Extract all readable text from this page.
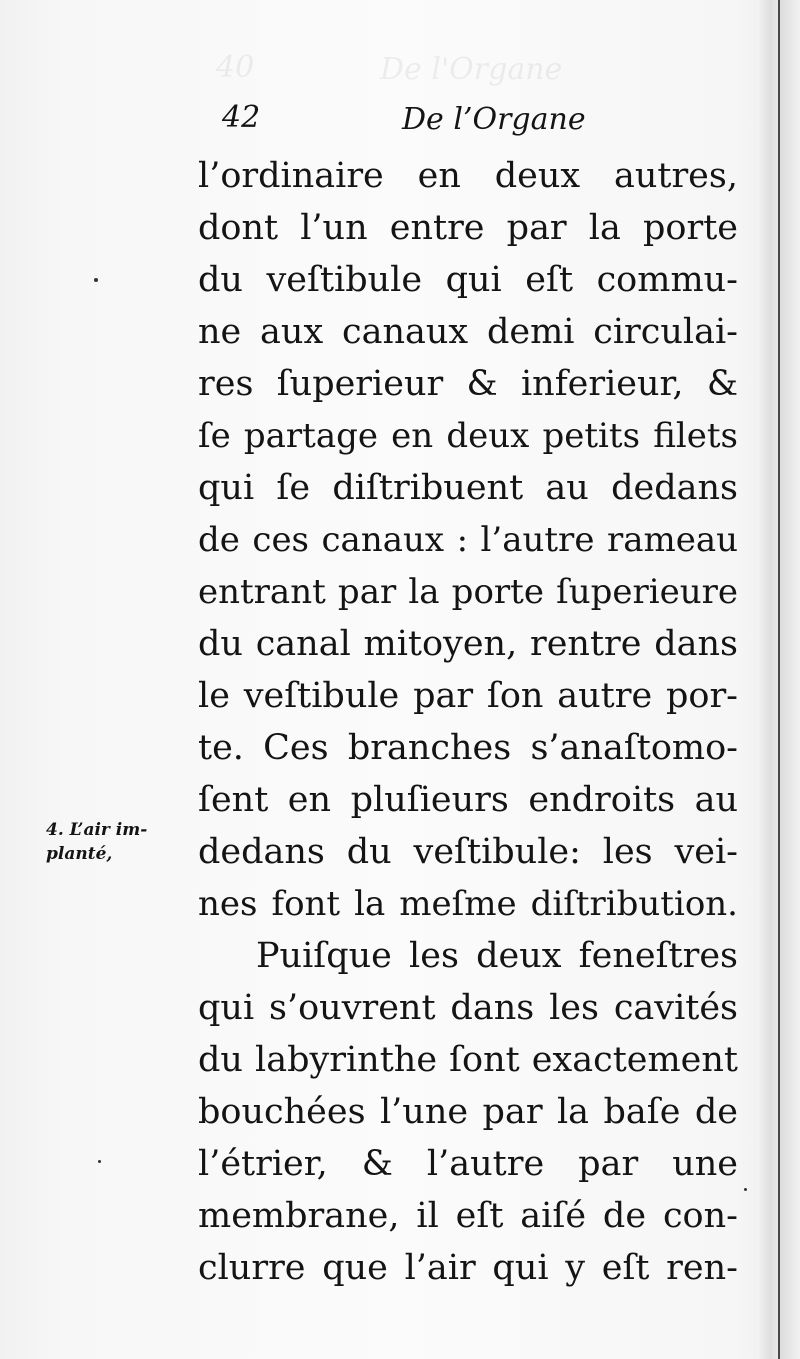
40	De l'Organe
42	De l’Organe
4. L’air im-
planté,
l’ordinaire en deux autres,
dont l’un entre par la porte
du veſtibule qui eſt commu-
ne aux canaux demi circulai-
res ſuperieur & inferieur, &
ſe partage en deux petits filets
qui ſe diſtribuent au dedans
de ces canaux : l’autre rameau
entrant par la porte ſuperieure
du canal mitoyen, rentre dans
le veſtibule par ſon autre por-
te. Ces branches s’anaſtomo-
ſent en pluſieurs endroits au
dedans du veſtibule: les vei-
nes font la meſme diſtribution.
Puiſque les deux feneſtres
qui s’ouvrent dans les cavités
du labyrinthe ſont exactement
bouchées l’une par la baſe de
l’étrier, & l’autre par une
membrane, il eſt aiſé de con-
clurre que l’air qui y eſt ren-
